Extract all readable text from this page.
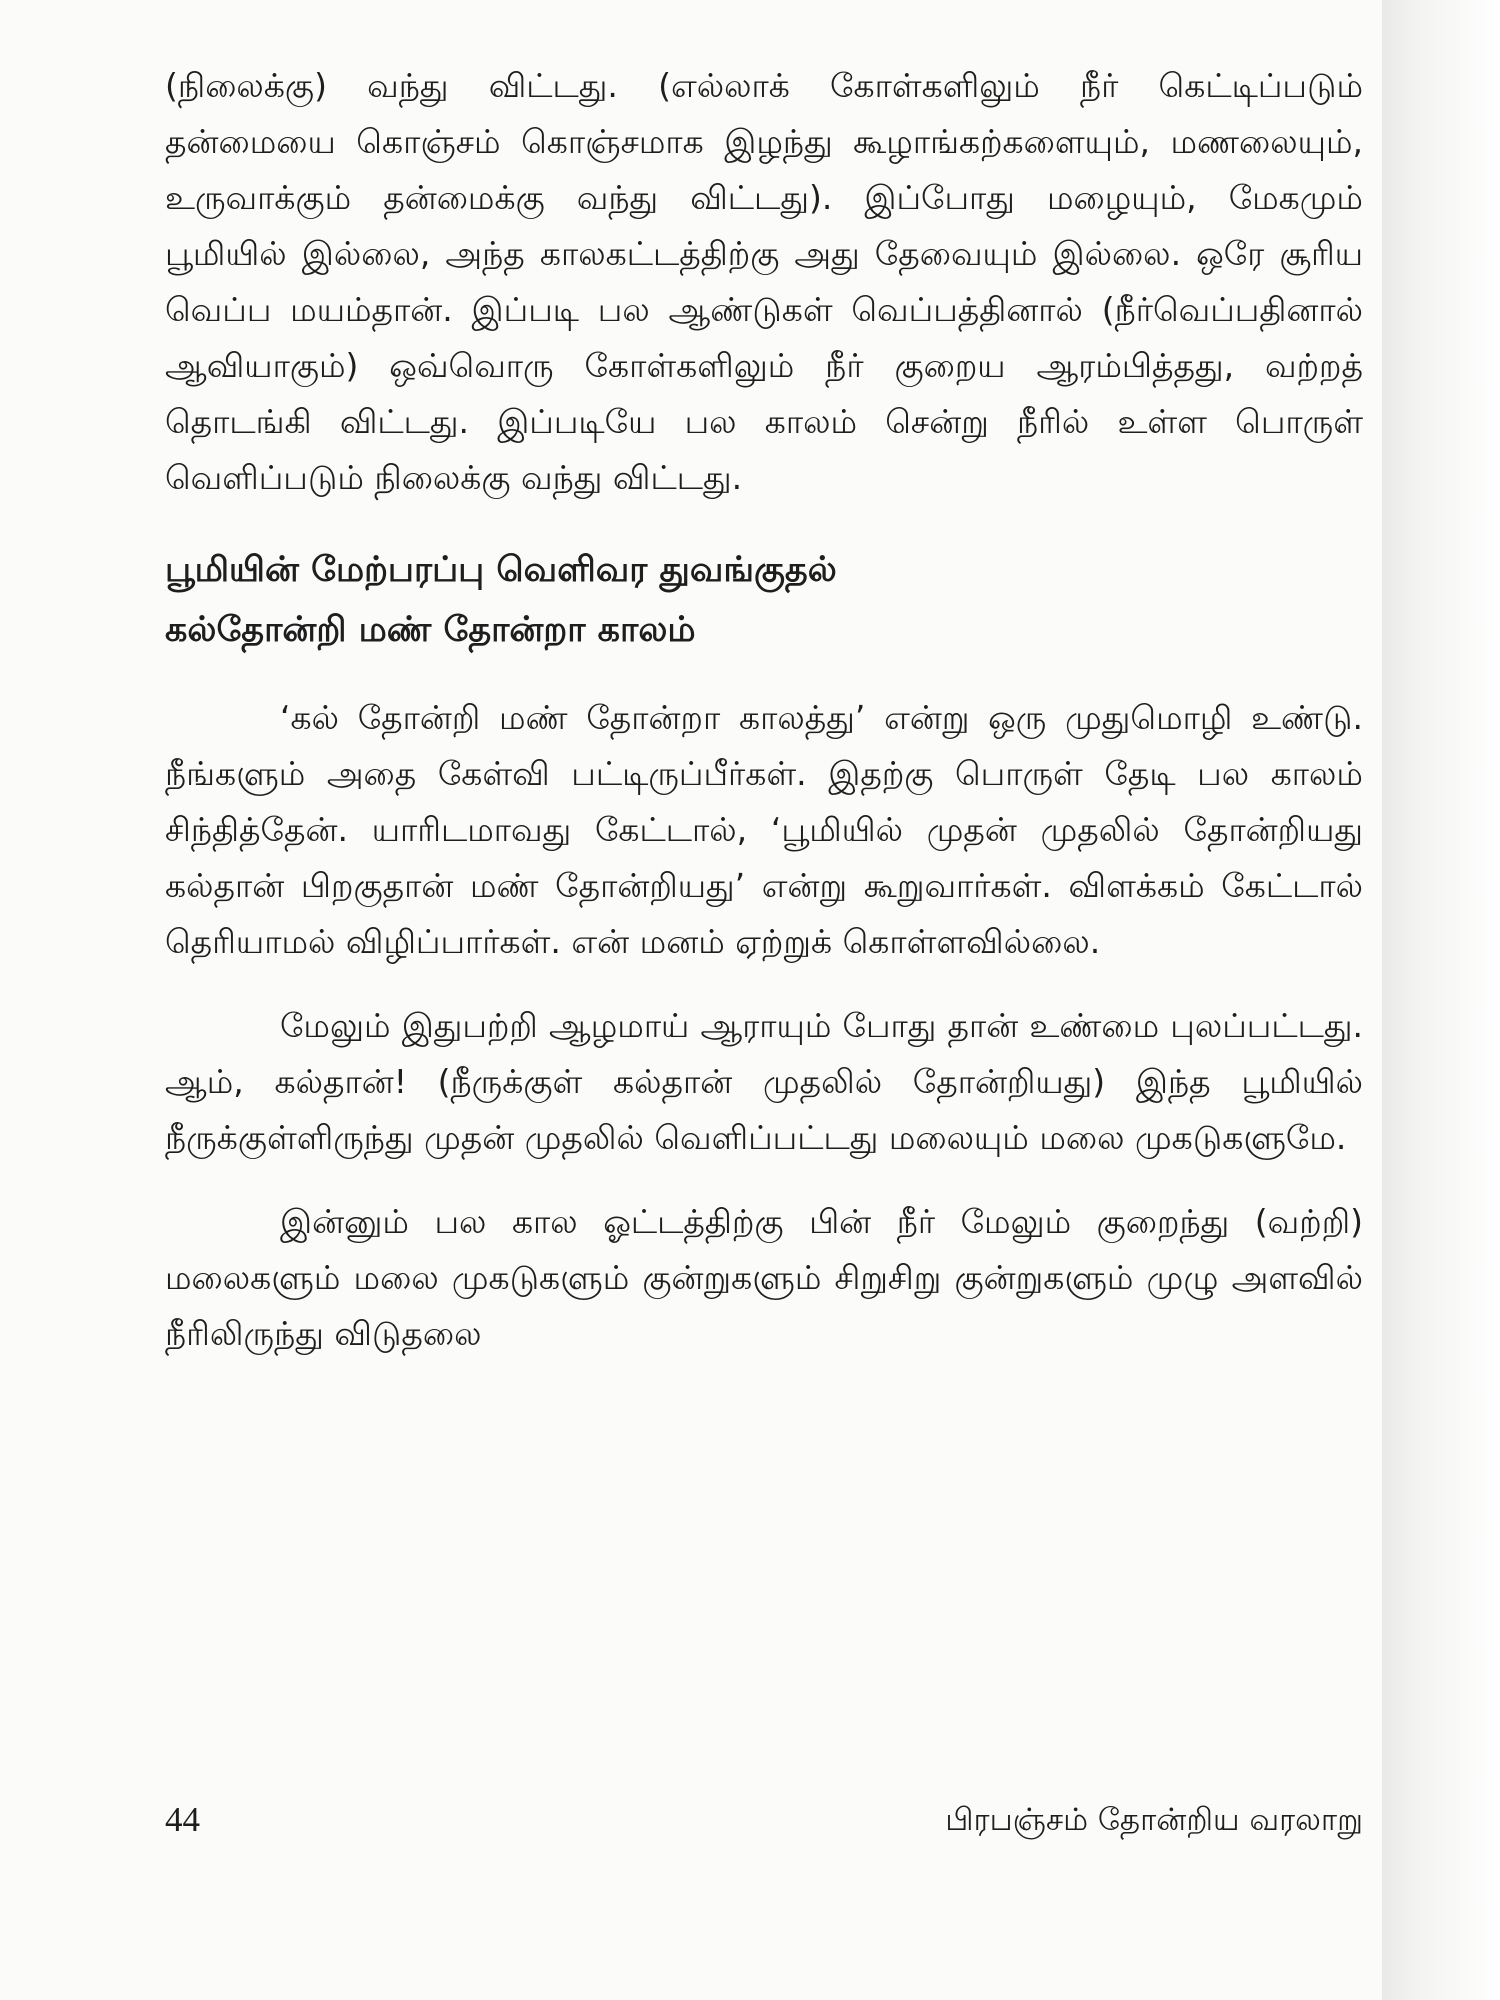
(நிலைக்கு) வந்து விட்டது. (எல்லாக் கோள்களிலும் நீர் கெட்டிப்படும் தன்மையை கொஞ்சம் கொஞ்சமாக இழந்து கூழாங்கற்களையும், மணலையும், உருவாக்கும் தன்மைக்கு வந்து விட்டது). இப்போது மழையும், மேகமும் பூமியில் இல்லை, அந்த காலகட்டத்திற்கு அது தேவையும் இல்லை. ஒரே சூரிய வெப்ப மயம்தான். இப்படி பல ஆண்டுகள் வெப்பத்தினால் (நீர்வெப்பதினால் ஆவியாகும்) ஒவ்வொரு கோள்களிலும் நீர் குறைய ஆரம்பித்தது, வற்றத் தொடங்கி விட்டது. இப்படியே பல காலம் சென்று நீரில் உள்ள பொருள் வெளிப்படும் நிலைக்கு வந்து விட்டது.

பூமியின் மேற்பரப்பு வெளிவர துவங்குதல்

கல்தோன்றி மண் தோன்றா காலம்

‘கல் தோன்றி மண் தோன்றா காலத்து’ என்று ஒரு முதுமொழி உண்டு. நீங்களும் அதை கேள்வி பட்டிருப்பீர்கள். இதற்கு பொருள் தேடி பல காலம் சிந்தித்தேன். யாரிடமாவது கேட்டால், ‘பூமியில் முதன் முதலில் தோன்றியது கல்தான் பிறகுதான் மண் தோன்றியது’ என்று கூறுவார்கள். விளக்கம் கேட்டால் தெரியாமல் விழிப்பார்கள். என் மனம் ஏற்றுக் கொள்ளவில்லை.

மேலும் இதுபற்றி ஆழமாய் ஆராயும் போது தான் உண்மை புலப்பட்டது. ஆம், கல்தான்! (நீருக்குள் கல்தான் முதலில் தோன்றியது) இந்த பூமியில் நீருக்குள்ளிருந்து முதன் முதலில் வெளிப்பட்டது மலையும் மலை முகடுகளுமே.

இன்னும் பல கால ஓட்டத்திற்கு பின் நீர் மேலும் குறைந்து (வற்றி) மலைகளும் மலை முகடுகளும் குன்றுகளும் சிறுசிறு குன்றுகளும் முழு அளவில் நீரிலிருந்து விடுதலை

44	பிரபஞ்சம் தோன்றிய வரலாறு
